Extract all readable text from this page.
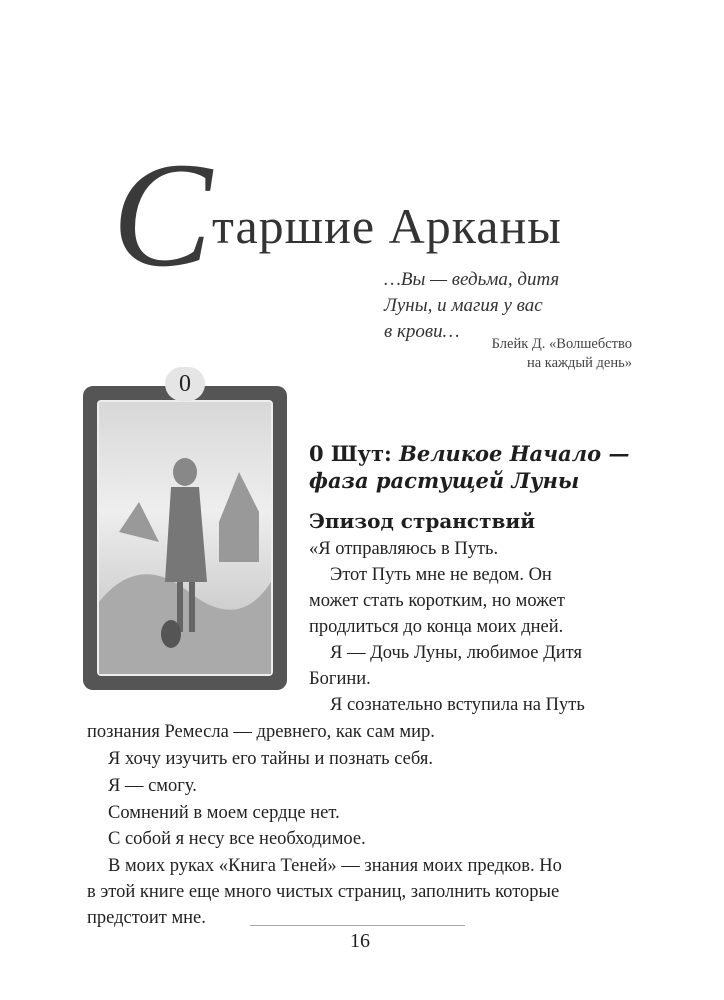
С таршие Арканы
…Вы — ведьма, дитя
Луны, и магия у вас
в крови…
Блейк Д. «Волшебство
на каждый день»
0
0 Шут: Великое Начало — фаза растущей Луны
Эпизод странствий
«Я отправляюсь в Путь.
Этот Путь мне не ведом. Он
может стать коротким, но может
продлиться до конца моих дней.
Я — Дочь Луны, любимое Дитя
Богини.
Я сознательно вступила на Путь
познания Ремесла — древнего, как сам мир.
Я хочу изучить его тайны и познать себя.
Я — смогу.
Сомнений в моем сердце нет.
С собой я несу все необходимое.
В моих руках «Книга Теней» — знания моих предков. Но
в этой книге еще много чистых страниц, заполнить которые
предстоит мне.
16
